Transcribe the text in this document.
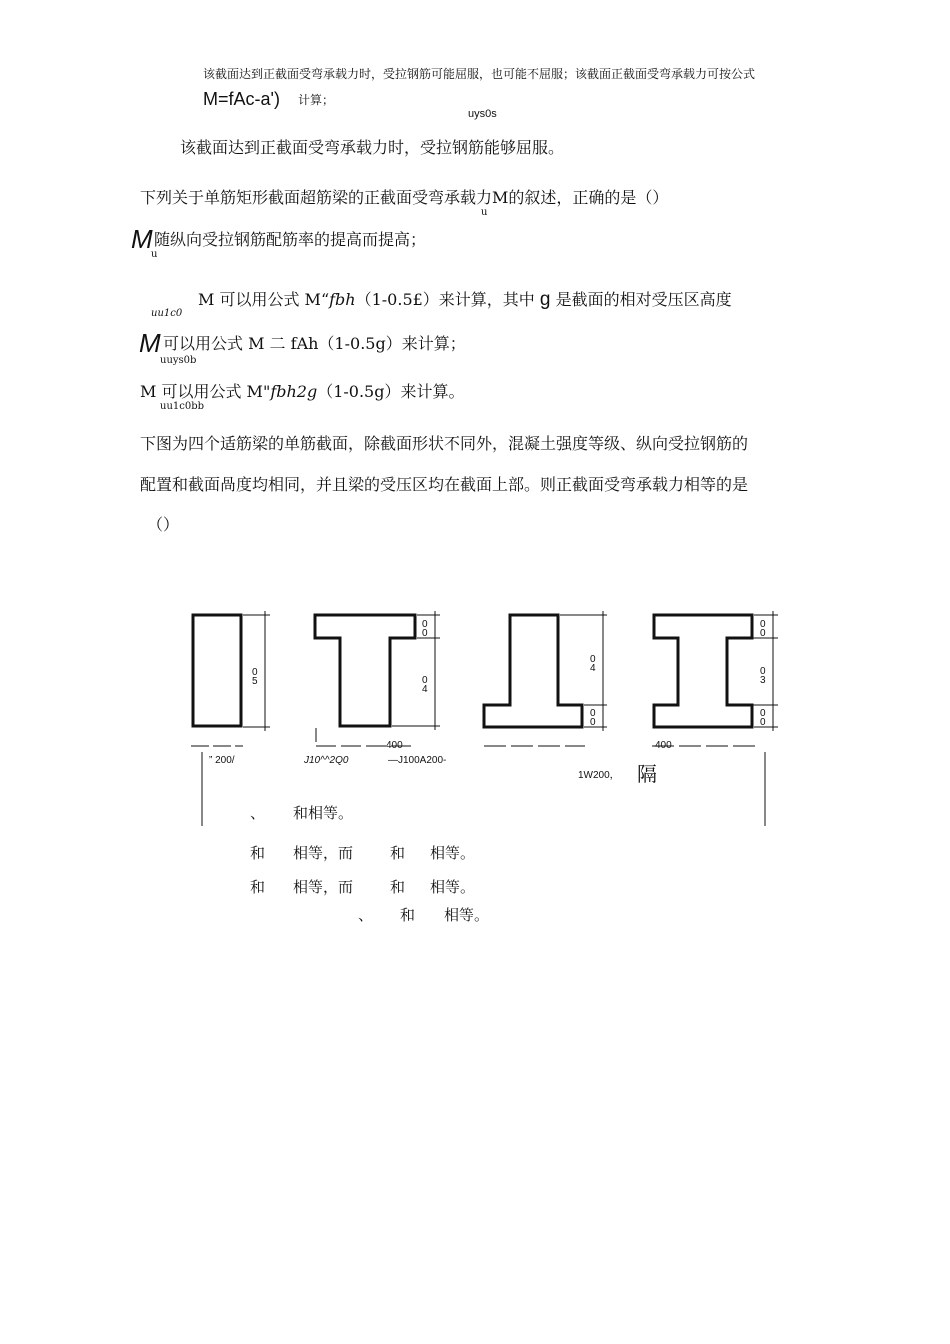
该截面达到正截面受弯承载力时，受拉钢筋可能屈服，也可能不屈服；该截面正截面受弯承载力可按公式
M=fAc-a') 计算；
uys0s
该截面达到正截面受弯承载力时，受拉钢筋能够屈服。
下列关于单筋矩形截面超筋梁的正截面受弯承载力M的叙述，正确的是（）
u
M 随纵向受拉钢筋配筋率的提高而提高；
u
uu1c0
M 可以用公式 M“fbh（1-0.5£）来计算，其中 g 是截面的相对受压区高度
M 可以用公式 M 二 fAh（1-0.5g）来计算；
uuys0b
M 可以用公式 M"fbh2g（1-0.5g）来计算。
uu1c0bb
下图为四个适筋梁的单筋截面，除截面形状不同外，混凝土强度等级、纵向受拉钢筋的
配置和截面咼度均相同，并且梁的受压区均在截面上部。则正截面受弯承载力相等的是
（）
0
5
0
0
0
4
0
4
0
0
0
0
0
3
0
0
400	400
” 200/	J10^^2Q0	—J100A200-
1W200， 隔
、 和相等。
和 相等，而 和 相等。
和 相等，而 和 相等。
、 和 相等。
